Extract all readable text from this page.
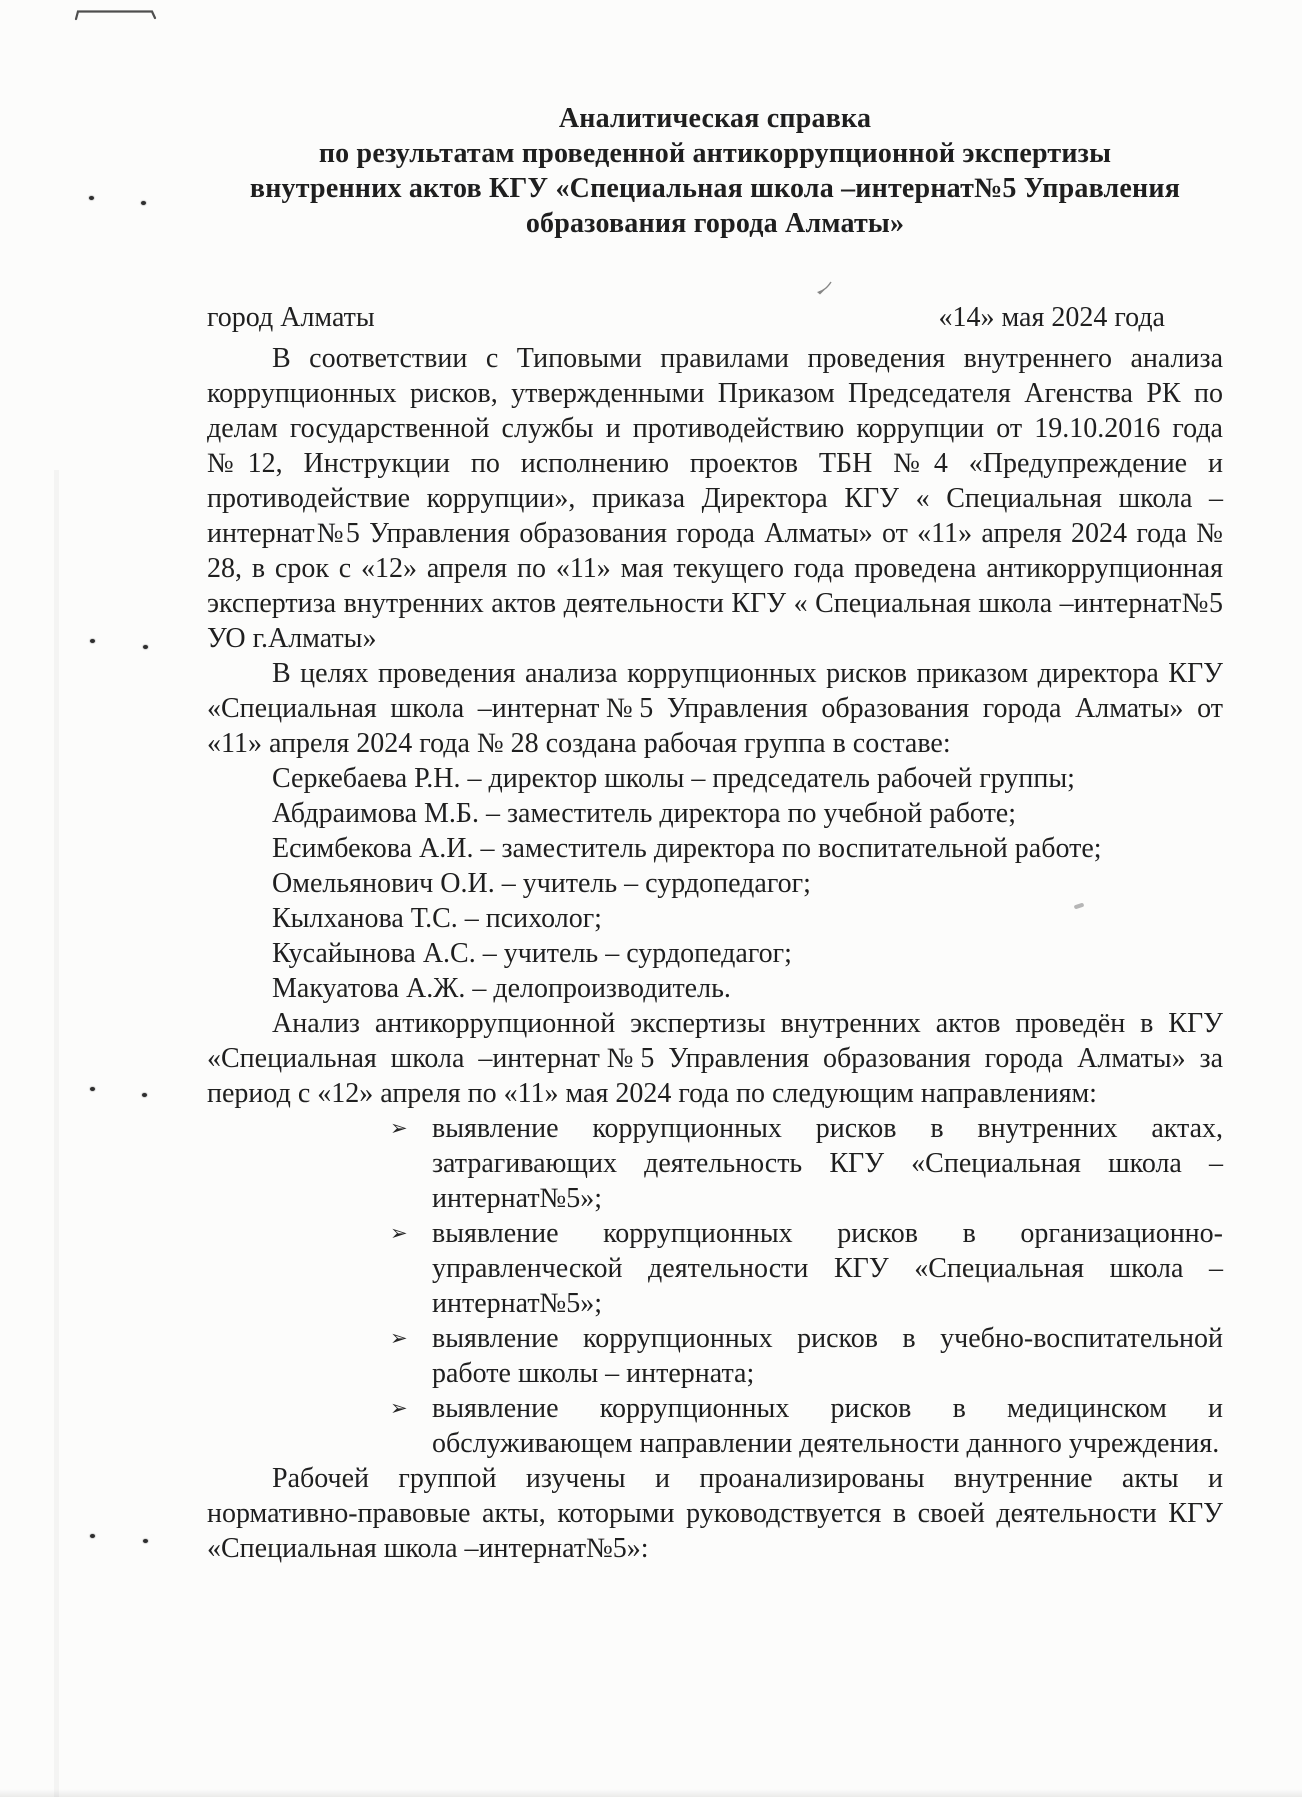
Аналитическая справка
по результатам проведенной антикоррупционной экспертизы
внутренних актов КГУ «Специальная школа –интернат№5 Управления
образования города Алматы»
город Алматы	«14» мая 2024 года
В соответствии с Типовыми правилами проведения внутреннего анализа коррупционных рисков, утвержденными Приказом Председателя Агенства РК по делам государственной службы и противодействию коррупции от 19.10.2016 года №12, Инструкции по исполнению проектов ТБН №4 «Предупреждение и противодействие коррупции», приказа Директора КГУ « Специальная школа –интернат№5 Управления образования города Алматы» от «11» апреля 2024 года № 28, в срок с «12» апреля по «11» мая текущего года проведена антикоррупционная экспертиза внутренних актов деятельности КГУ « Специальная школа –интернат№5 УО г.Алматы»
В целях проведения анализа коррупционных рисков приказом директора КГУ «Специальная школа –интернат№5 Управления образования города Алматы» от «11» апреля 2024 года № 28 создана рабочая группа в составе:
Серкебаева Р.Н. – директор школы – председатель рабочей группы;
Абдраимова М.Б. – заместитель директора по учебной работе;
Есимбекова А.И. – заместитель директора по воспитательной работе;
Омельянович О.И. – учитель – сурдопедагог;
Кылханова Т.С. – психолог;
Кусайынова А.С. – учитель – сурдопедагог;
Макуатова А.Ж. – делопроизводитель.
Анализ антикоррупционной экспертизы внутренних актов проведён в КГУ «Специальная школа –интернат№5 Управления образования города Алматы» за период с «12» апреля по «11» мая 2024 года по следующим направлениям:
➢ выявление коррупционных рисков в внутренних актах, затрагивающих деятельность КГУ «Специальная школа – интернат№5»;
➢ выявление коррупционных рисков в организационно-управленческой деятельности КГУ «Специальная школа – интернат№5»;
➢ выявление коррупционных рисков в учебно-воспитательной работе школы – интерната;
➢ выявление коррупционных рисков в медицинском и обслуживающем направлении деятельности данного учреждения.
Рабочей группой изучены и проанализированы внутренние акты и нормативно-правовые акты, которыми руководствуется в своей деятельности КГУ «Специальная школа –интернат№5»:
